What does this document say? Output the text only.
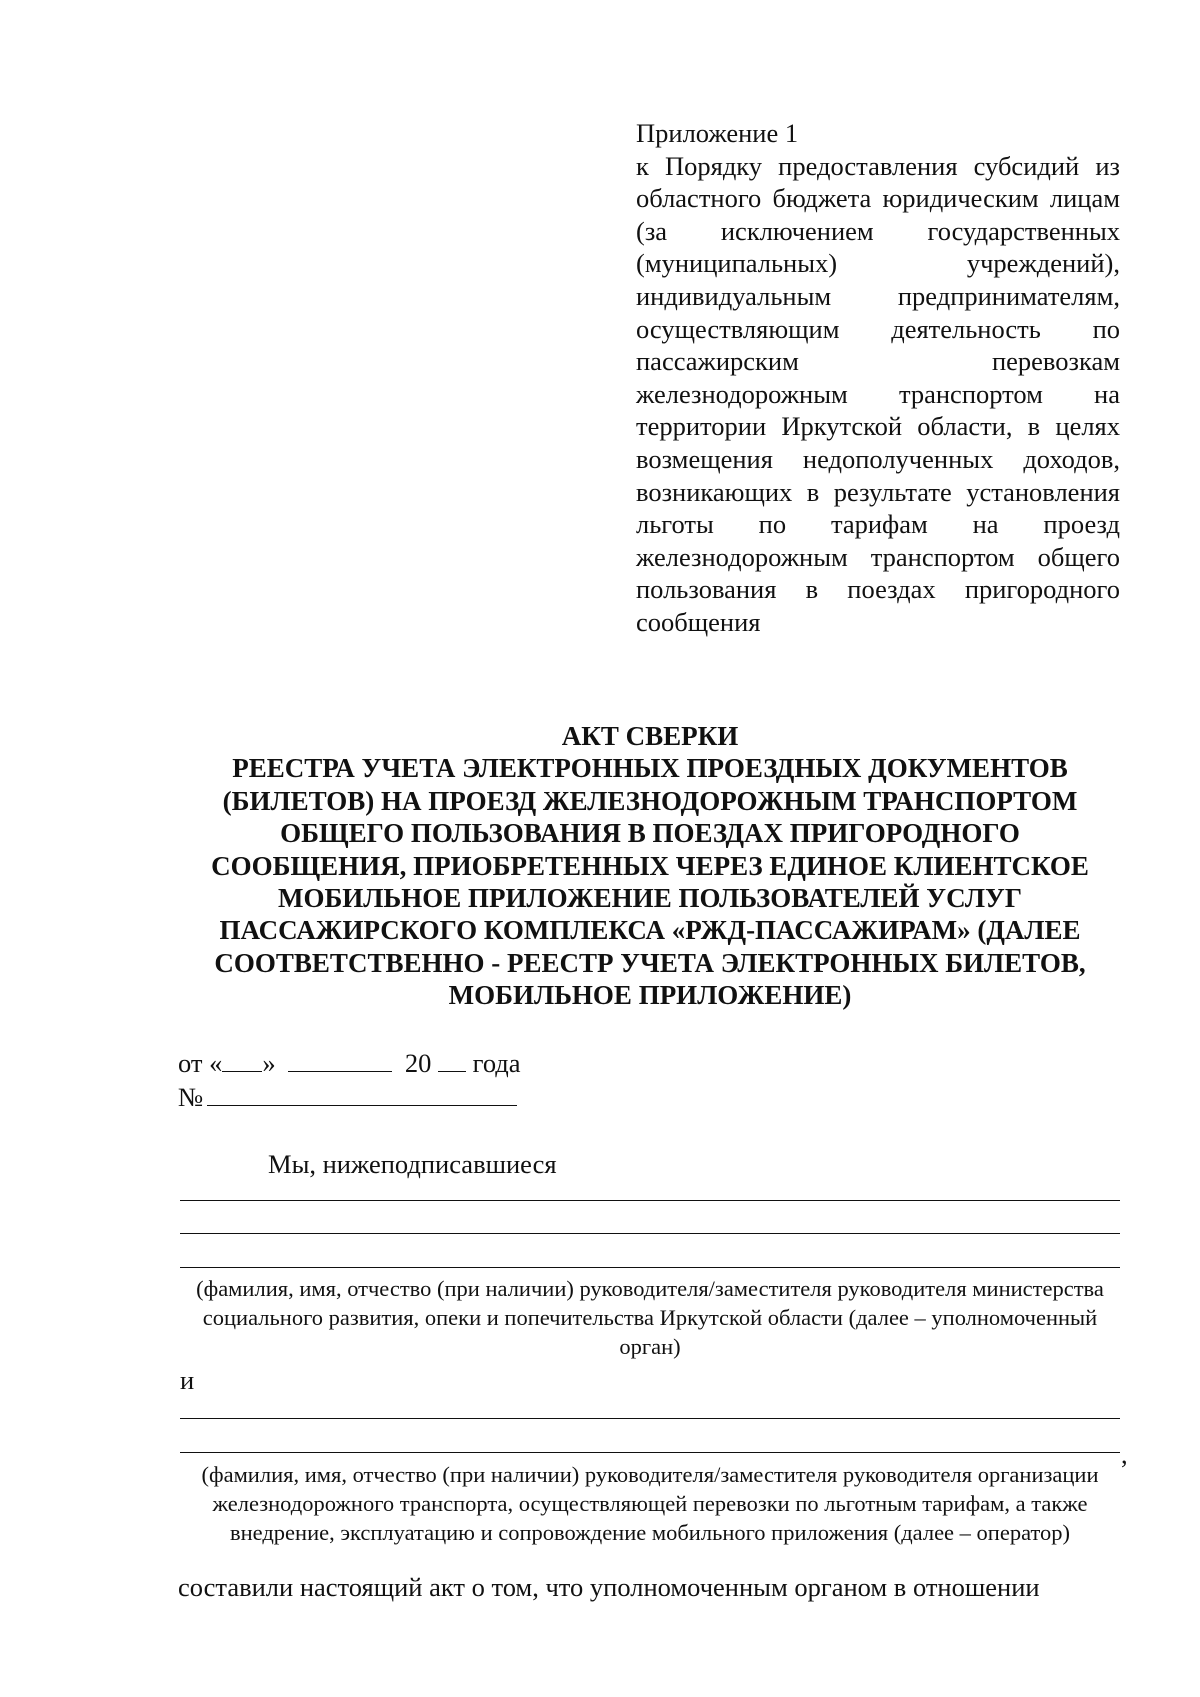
Приложение 1
к Порядку предоставления субсидий из областного бюджета юридическим лицам (за исключением государственных (муниципальных) учреждений), индивидуальным предпринимателям, осуществляющим деятельность по пассажирским перевозкам железнодорожным транспортом на территории Иркутской области, в целях возмещения недополученных доходов, возникающих в результате установления льготы по тарифам на проезд железнодорожным транспортом общего пользования в поездах пригородного сообщения
АКТ СВЕРКИ
РЕЕСТРА УЧЕТА ЭЛЕКТРОННЫХ ПРОЕЗДНЫХ ДОКУМЕНТОВ (БИЛЕТОВ) НА ПРОЕЗД ЖЕЛЕЗНОДОРОЖНЫМ ТРАНСПОРТОМ ОБЩЕГО ПОЛЬЗОВАНИЯ В ПОЕЗДАХ ПРИГОРОДНОГО СООБЩЕНИЯ, ПРИОБРЕТЕННЫХ ЧЕРЕЗ ЕДИНОЕ КЛИЕНТСКОЕ МОБИЛЬНОЕ ПРИЛОЖЕНИЕ ПОЛЬЗОВАТЕЛЕЙ УСЛУГ ПАССАЖИРСКОГО КОМПЛЕКСА «РЖД-ПАССАЖИРАМ» (ДАЛЕЕ СООТВЕТСТВЕННО - РЕЕСТР УЧЕТА ЭЛЕКТРОННЫХ БИЛЕТОВ, МОБИЛЬНОЕ ПРИЛОЖЕНИЕ)
от « »	20 года
№
Мы, нижеподписавшиеся
(фамилия, имя, отчество (при наличии) руководителя/заместителя руководителя министерства социального развития, опеки и попечительства Иркутской области (далее – уполномоченный орган)
и
,
(фамилия, имя, отчество (при наличии) руководителя/заместителя руководителя организации железнодорожного транспорта, осуществляющей перевозки по льготным тарифам, а также внедрение, эксплуатацию и сопровождение мобильного приложения (далее – оператор)
составили настоящий акт о том, что уполномоченным органом в отношении
